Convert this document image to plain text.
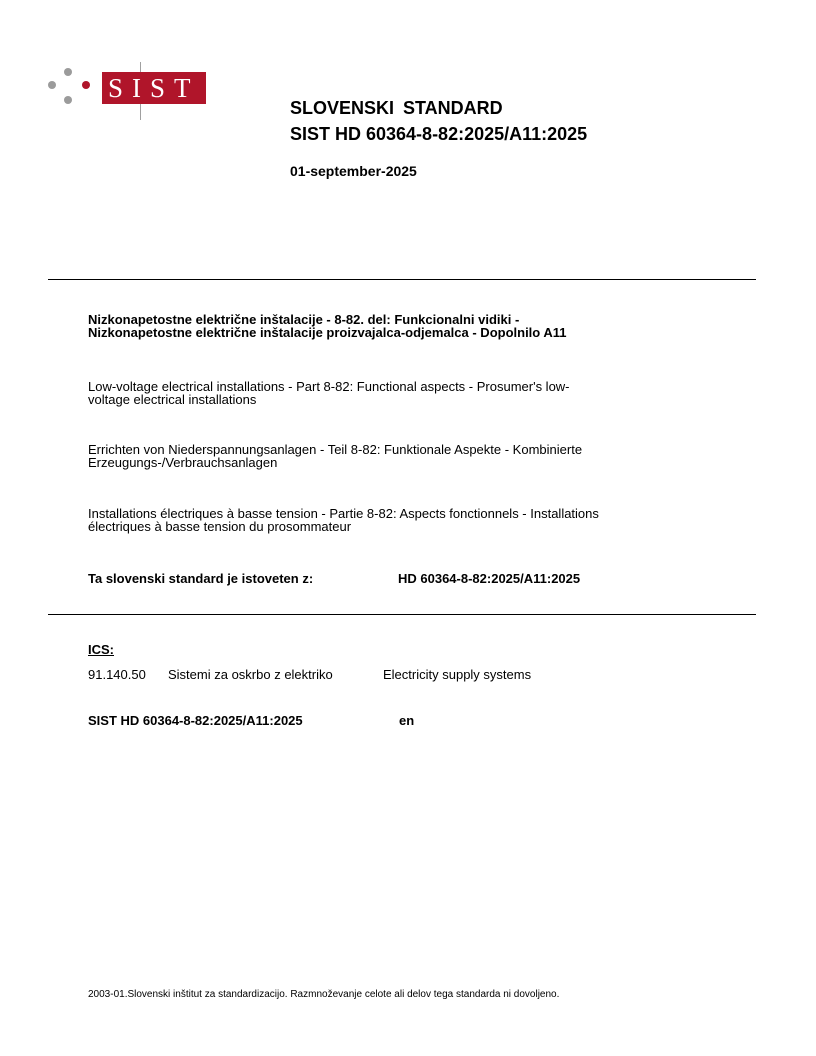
SIST
SLOVENSKI STANDARD
SIST HD 60364-8-82:2025/A11:2025
01-september-2025
Nizkonapetostne električne inštalacije - 8-82. del: Funkcionalni vidiki -
Nizkonapetostne električne inštalacije proizvajalca-odjemalca - Dopolnilo A11
Low-voltage electrical installations - Part 8-82: Functional aspects - Prosumer's low-
voltage electrical installations
Errichten von Niederspannungsanlagen - Teil 8-82: Funktionale Aspekte - Kombinierte
Erzeugungs-/Verbrauchsanlagen
Installations électriques à basse tension - Partie 8-82: Aspects fonctionnels - Installations
électriques à basse tension du prosommateur
Ta slovenski standard je istoveten z:	HD 60364-8-82:2025/A11:2025
ICS:
91.140.50 Sistemi za oskrbo z elektriko	Electricity supply systems
SIST HD 60364-8-82:2025/A11:2025	en
2003-01.Slovenski inštitut za standardizacijo. Razmnoževanje celote ali delov tega standarda ni dovoljeno.
